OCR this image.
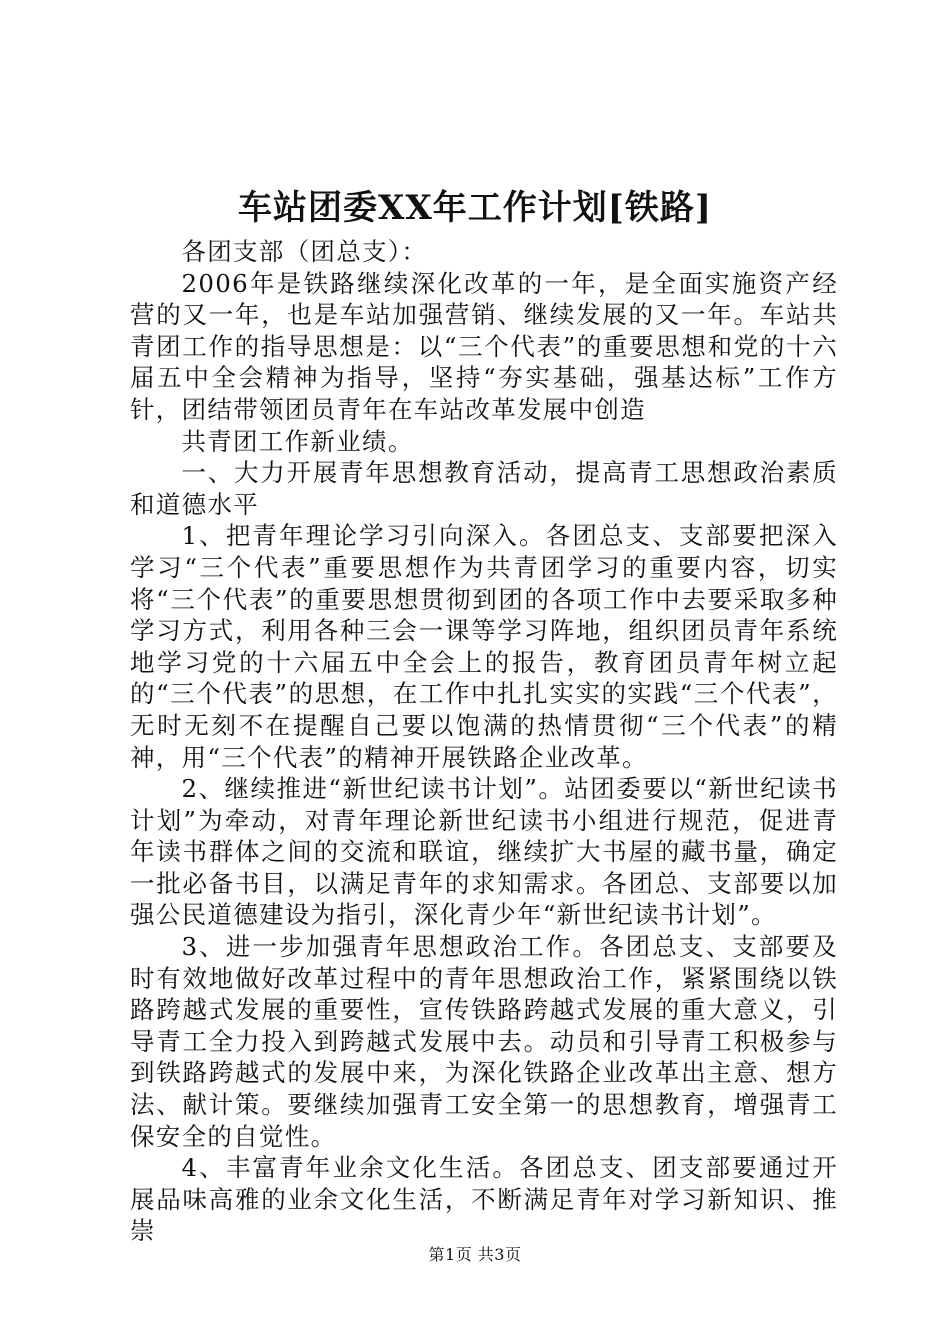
车站团委XX年工作计划[铁路]

各团支部（团总支）：

2006年是铁路继续深化改革的一年，是全面实施资产经营的又一年，也是车站加强营销、继续发展的又一年。车站共青团工作的指导思想是：以“三个代表”的重要思想和党的十六届五中全会精神为指导，坚持“夯实基础，强基达标”工作方针，团结带领团员青年在车站改革发展中创造

共青团工作新业绩。

一、大力开展青年思想教育活动，提高青工思想政治素质和道德水平

1、把青年理论学习引向深入。各团总支、支部要把深入学习“三个代表”重要思想作为共青团学习的重要内容，切实将“三个代表”的重要思想贯彻到团的各项工作中去要采取多种学习方式，利用各种三会一课等学习阵地，组织团员青年系统地学习党的十六届五中全会上的报告，教育团员青年树立起的“三个代表”的思想，在工作中扎扎实实的实践“三个代表”，无时无刻不在提醒自己要以饱满的热情贯彻“三个代表”的精神，用“三个代表”的精神开展铁路企业改革。

2、继续推进“新世纪读书计划”。站团委要以“新世纪读书计划”为牵动，对青年理论新世纪读书小组进行规范，促进青年读书群体之间的交流和联谊，继续扩大书屋的藏书量，确定一批必备书目，以满足青年的求知需求。各团总、支部要以加强公民道德建设为指引，深化青少年“新世纪读书计划”。

3、进一步加强青年思想政治工作。各团总支、支部要及时有效地做好改革过程中的青年思想政治工作，紧紧围绕以铁路跨越式发展的重要性，宣传铁路跨越式发展的重大意义，引导青工全力投入到跨越式发展中去。动员和引导青工积极参与到铁路跨越式的发展中来，为深化铁路企业改革出主意、想方法、献计策。要继续加强青工安全第一的思想教育，增强青工保安全的自觉性。

4、丰富青年业余文化生活。各团总支、团支部要通过开展品味高雅的业余文化生活，不断满足青年对学习新知识、推崇

第1页 共3页
